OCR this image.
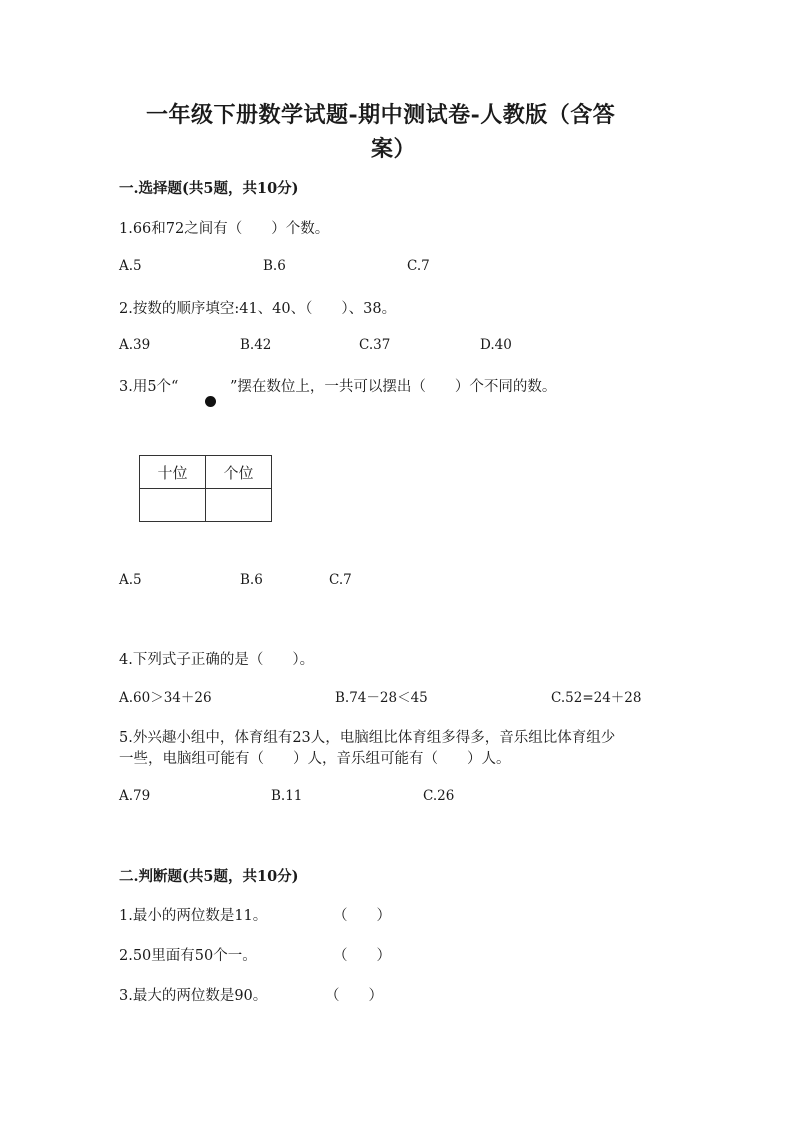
一年级下册数学试题-期中测试卷-人教版（含答
案）
一.选择题(共5题，共10分)
1.66和72之间有（　　）个数。
A.5	B.6	C.7
2.按数的顺序填空:41、40、（　　）、38。
A.39	B.42	C.37	D.40
3.用5个“	”摆在数位上，一共可以摆出（　　）个不同的数。
十位	个位

A.5	B.6	C.7
4.下列式子正确的是（　　）。
A.60＞34＋26	B.74－28＜45	C.52=24＋28
5.外兴趣小组中，体育组有23人，电脑组比体育组多得多，音乐组比体育组少
一些，电脑组可能有（　　）人，音乐组可能有（　　）人。
A.79	B.11	C.26
二.判断题(共5题，共10分)
1.最小的两位数是11。	（　　）
2.50里面有50个一。	（　　）
3.最大的两位数是90。	（　　）
